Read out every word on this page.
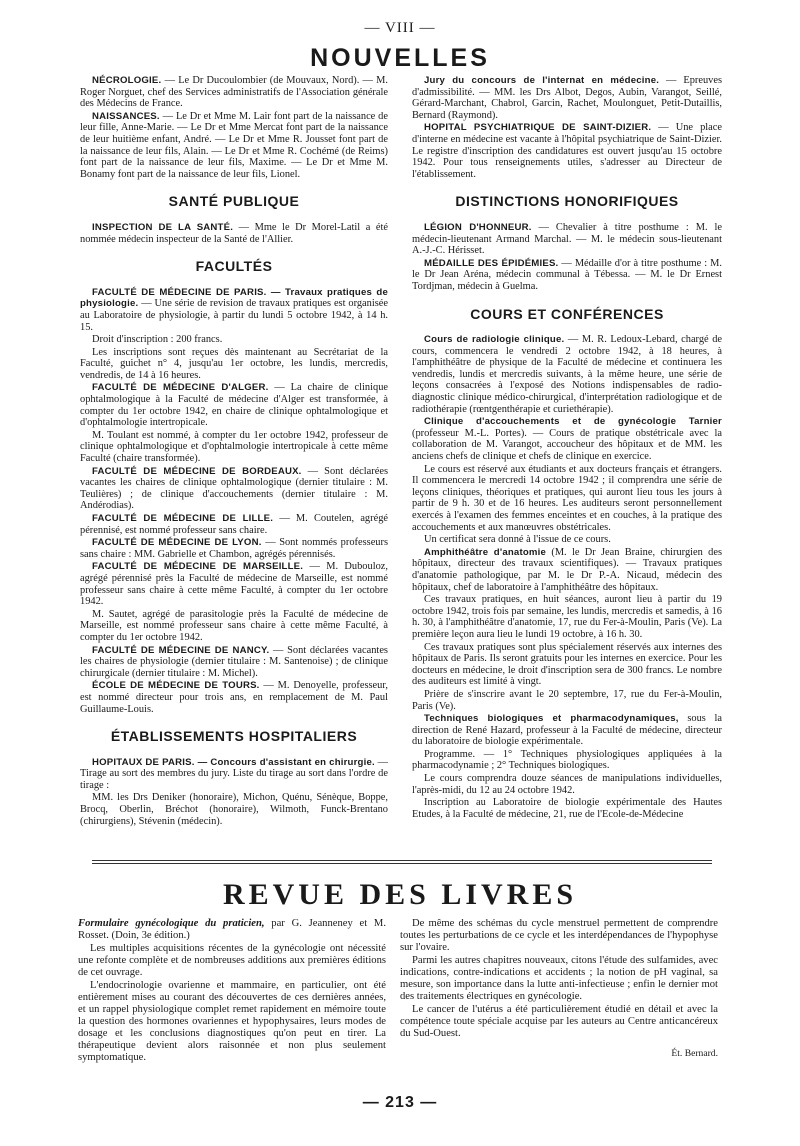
— VIII —
NOUVELLES

NÉCROLOGIE. — Le Dr Ducoulombier (de Mouvaux, Nord). — M. Roger Norguet, chef des Services administratifs de l'Association générale des Médecins de France.

NAISSANCES. — Le Dr et Mme M. Lair font part de la naissance de leur fille, Anne-Marie. — Le Dr et Mme Mercat font part de la naissance de leur huitième enfant, André. — Le Dr et Mme R. Jousset font part de la naissance de leur fils, Alain. — Le Dr et Mme R. Cochémé (de Reims) font part de la naissance de leur fils, Maxime. — Le Dr et Mme M. Bonamy font part de la naissance de leur fils, Lionel.

SANTÉ PUBLIQUE

INSPECTION DE LA SANTÉ. — Mme le Dr Morel-Latil a été nommée médecin inspecteur de la Santé de l'Allier.

FACULTÉS

FACULTÉ DE MÉDECINE DE PARIS. — Travaux pratiques de physiologie. — Une série de revision de travaux pratiques est organisée au Laboratoire de physiologie, à partir du lundi 5 octobre 1942, à 14 h. 15.

Droit d'inscription : 200 francs.

Les inscriptions sont reçues dès maintenant au Secrétariat de la Faculté, guichet n° 4, jusqu'au 1er octobre, les lundis, mercredis, vendredis, de 14 à 16 heures.

FACULTÉ DE MÉDECINE D'ALGER. — La chaire de clinique ophtalmologique à la Faculté de médecine d'Alger est transformée, à compter du 1er octobre 1942, en chaire de clinique ophtalmologique et d'ophtalmologie intertropicale.

M. Toulant est nommé, à compter du 1er octobre 1942, professeur de clinique ophtalmologique et d'ophtalmologie intertropicale à cette même Faculté (chaire transformée).

FACULTÉ DE MÉDECINE DE BORDEAUX. — Sont déclarées vacantes les chaires de clinique ophtalmologique (dernier titulaire : M. Teulières) ; de clinique d'accouchements (dernier titulaire : M. Andérodias).

FACULTÉ DE MÉDECINE DE LILLE. — M. Coutelen, agrégé pérennisé, est nommé professeur sans chaire.

FACULTÉ DE MÉDECINE DE LYON. — Sont nommés professeurs sans chaire : MM. Gabrielle et Chambon, agrégés pérennisés.

FACULTÉ DE MÉDECINE DE MARSEILLE. — M. Dubouloz, agrégé pérennisé près la Faculté de médecine de Marseille, est nommé professeur sans chaire à cette même Faculté, à compter du 1er octobre 1942.

M. Sautet, agrégé de parasitologie près la Faculté de médecine de Marseille, est nommé professeur sans chaire à cette même Faculté, à compter du 1er octobre 1942.

FACULTÉ DE MÉDECINE DE NANCY. — Sont déclarées vacantes les chaires de physiologie (dernier titulaire : M. Santenoise) ; de clinique chirurgicale (dernier titulaire : M. Michel).

ÉCOLE DE MÉDECINE DE TOURS. — M. Denoyelle, professeur, est nommé directeur pour trois ans, en remplacement de M. Paul Guillaume-Louis.

ÉTABLISSEMENTS HOSPITALIERS

HOPITAUX DE PARIS. — Concours d'assistant en chirurgie. — Tirage au sort des membres du jury. Liste du tirage au sort dans l'ordre de tirage :

MM. les Drs Deniker (honoraire), Michon, Quénu, Sénèque, Boppe, Brocq, Oberlin, Bréchot (honoraire), Wilmoth, Funck-Brentano (chirurgiens), Stévenin (médecin).

Jury du concours de l'internat en médecine. — Epreuves d'admissibilité. — MM. les Drs Albot, Degos, Aubin, Varangot, Seillé, Gérard-Marchant, Chabrol, Garcin, Rachet, Moulonguet, Petit-Dutaillis, Bernard (Raymond).

HOPITAL PSYCHIATRIQUE DE SAINT-DIZIER. — Une place d'interne en médecine est vacante à l'hôpital psychiatrique de Saint-Dizier. Le registre d'inscription des candidatures est ouvert jusqu'au 15 octobre 1942. Pour tous renseignements utiles, s'adresser au Directeur de l'établissement.

DISTINCTIONS HONORIFIQUES

LÉGION D'HONNEUR. — Chevalier à titre posthume : M. le médecin-lieutenant Armand Marchal. — M. le médecin sous-lieutenant A.-J.-C. Hérisset.

MÉDAILLE DES ÉPIDÉMIES. — Médaille d'or à titre posthume : M. le Dr Jean Aréna, médecin communal à Tébessa. — M. le Dr Ernest Tordjman, médecin à Guelma.

COURS ET CONFÉRENCES

Cours de radiologie clinique. — M. R. Ledoux-Lebard, chargé de cours, commencera le vendredi 2 octobre 1942, à 18 heures, à l'amphithéâtre de physique de la Faculté de médecine et continuera les vendredis, lundis et mercredis suivants, à la même heure, une série de leçons consacrées à l'exposé des Notions indispensables de radio-diagnostic clinique médico-chirurgical, d'interprétation radiologique et de radiothérapie (rœntgenthérapie et curiethérapie).

Clinique d'accouchements et de gynécologie Tarnier (professeur M.-L. Portes). — Cours de pratique obstétricale avec la collaboration de M. Varangot, accoucheur des hôpitaux et de MM. les anciens chefs de clinique et chefs de clinique en exercice.

Le cours est réservé aux étudiants et aux docteurs français et étrangers. Il commencera le mercredi 14 octobre 1942 ; il comprendra une série de leçons cliniques, théoriques et pratiques, qui auront lieu tous les jours à partir de 9 h. 30 et de 16 heures. Les auditeurs seront personnellement exercés à l'examen des femmes enceintes et en couches, à la pratique des accouchements et aux manœuvres obstétricales.

Un certificat sera donné à l'issue de ce cours.

Amphithéâtre d'anatomie (M. le Dr Jean Braine, chirurgien des hôpitaux, directeur des travaux scientifiques). — Travaux pratiques d'anatomie pathologique, par M. le Dr P.-A. Nicaud, médecin des hôpitaux, chef de laboratoire à l'amphithéâtre des hôpitaux.

Ces travaux pratiques, en huit séances, auront lieu à partir du 19 octobre 1942, trois fois par semaine, les lundis, mercredis et samedis, à 16 h. 30, à l'amphithéâtre d'anatomie, 17, rue du Fer-à-Moulin, Paris (Ve). La première leçon aura lieu le lundi 19 octobre, à 16 h. 30.

Ces travaux pratiques sont plus spécialement réservés aux internes des hôpitaux de Paris. Ils seront gratuits pour les internes en exercice. Pour les docteurs en médecine, le droit d'inscription sera de 300 francs. Le nombre des auditeurs est limité à vingt.

Prière de s'inscrire avant le 20 septembre, 17, rue du Fer-à-Moulin, Paris (Ve).

Techniques biologiques et pharmacodynamiques, sous la direction de René Hazard, professeur à la Faculté de médecine, directeur du laboratoire de biologie expérimentale.

Programme. — 1° Techniques physiologiques appliquées à la pharmacodynamie ; 2° Techniques biologiques.

Le cours comprendra douze séances de manipulations individuelles, l'après-midi, du 12 au 24 octobre 1942.

Inscription au Laboratoire de biologie expérimentale des Hautes Etudes, à la Faculté de médecine, 21, rue de l'Ecole-de-Médecine

REVUE DES LIVRES

Formulaire gynécologique du praticien, par G. Jeanneney et M. Rosset. (Doin, 3e édition.)

Les multiples acquisitions récentes de la gynécologie ont nécessité une refonte complète et de nombreuses additions aux premières éditions de cet ouvrage.

L'endocrinologie ovarienne et mammaire, en particulier, ont été entièrement mises au courant des découvertes de ces dernières années, et un rappel physiologique complet remet rapidement en mémoire toute la question des hormones ovariennes et hypophysaires, leurs modes de dosage et les conclusions diagnostiques qu'on peut en tirer. La thérapeutique devient alors raisonnée et non plus seulement symptomatique.

De même des schémas du cycle menstruel permettent de comprendre toutes les perturbations de ce cycle et les interdépendances de l'hypophyse sur l'ovaire.

Parmi les autres chapitres nouveaux, citons l'étude des sulfamides, avec indications, contre-indications et accidents ; la notion de pH vaginal, sa mesure, son importance dans la lutte anti-infectieuse ; enfin le dernier mot des traitements électriques en gynécologie.

Le cancer de l'utérus a été particulièrement étudié en détail et avec la compétence toute spéciale acquise par les auteurs au Centre anticancéreux du Sud-Ouest.

Ét. Bernard.
— 213 —
